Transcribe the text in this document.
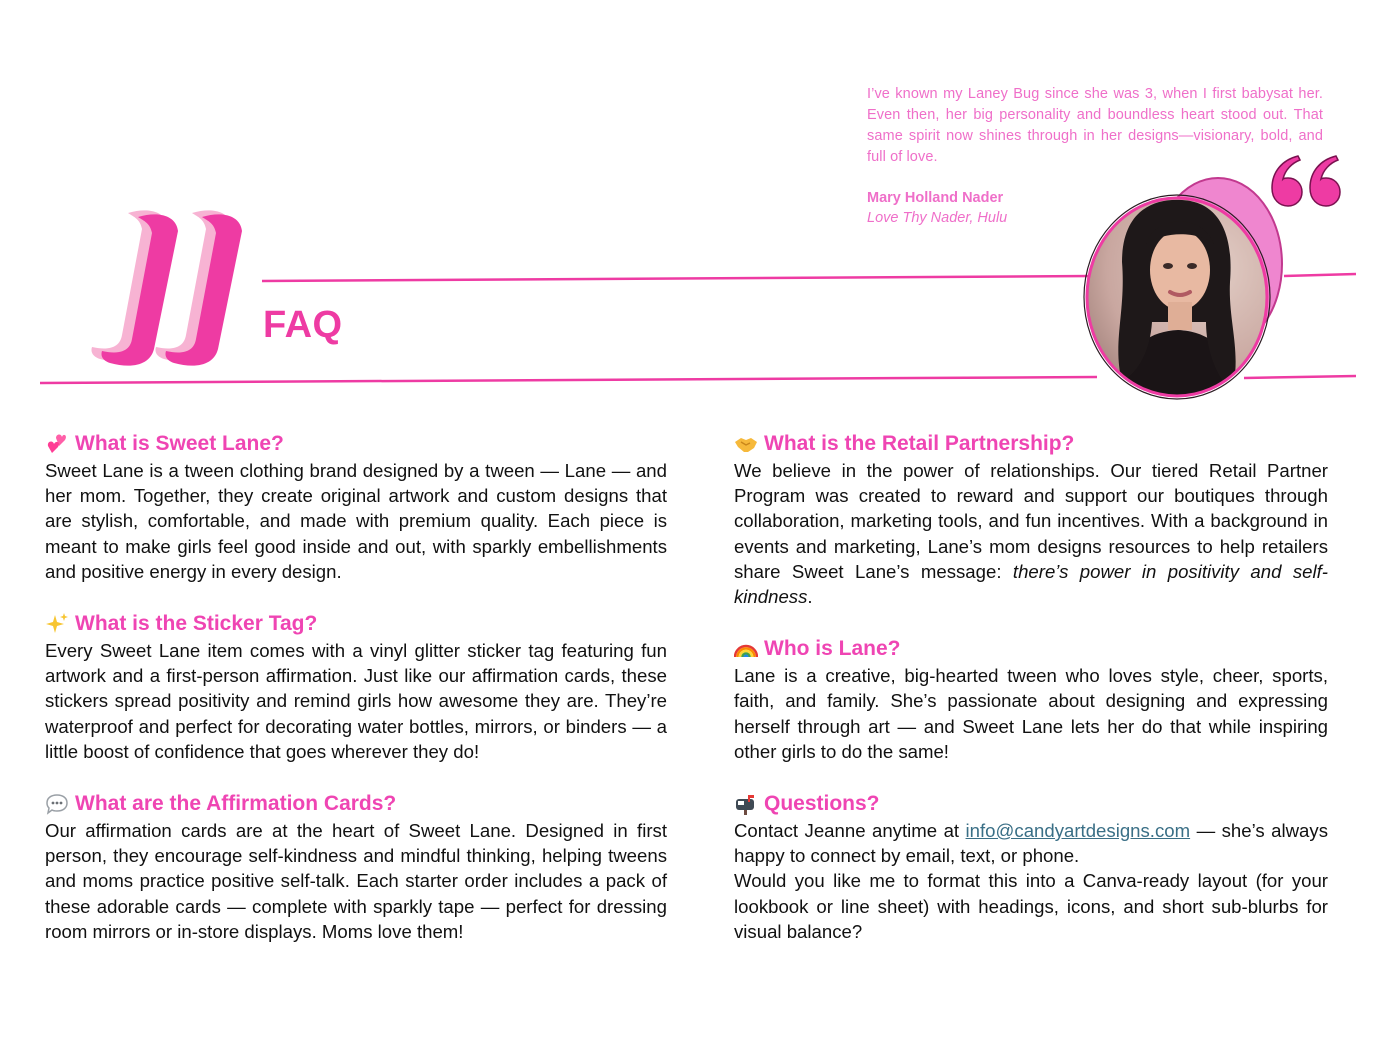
I’ve known my Laney Bug since she was 3, when I first babysat her. Even then, her big personality and boundless heart stood out. That same spirit now shines through in her designs—visionary, bold, and full of love.
Mary Holland Nader
Love Thy Nader, Hulu
FAQ
What is Sweet Lane?
Sweet Lane is a tween clothing brand designed by a tween — Lane — and her mom. Together, they create original artwork and custom designs that are stylish, comfortable, and made with premium quality. Each piece is meant to make girls feel good inside and out, with sparkly embellishments and positive energy in every design.
What is the Sticker Tag?
Every Sweet Lane item comes with a vinyl glitter sticker tag featuring fun artwork and a first-person affirmation. Just like our affirmation cards, these stickers spread positivity and remind girls how awesome they are. They’re waterproof and perfect for decorating water bottles, mirrors, or binders — a little boost of confidence that goes wherever they do!
What are the Affirmation Cards?
Our affirmation cards are at the heart of Sweet Lane. Designed in first person, they encourage self-kindness and mindful thinking, helping tweens and moms practice positive self-talk. Each starter order includes a pack of these adorable cards — complete with sparkly tape — perfect for dressing room mirrors or in-store displays. Moms love them!
What is the Retail Partnership?
We believe in the power of relationships. Our tiered Retail Partner Program was created to reward and support our boutiques through collaboration, marketing tools, and fun incentives. With a background in events and marketing, Lane’s mom designs resources to help retailers share Sweet Lane’s message: there’s power in positivity and self-kindness.
Who is Lane?
Lane is a creative, big-hearted tween who loves style, cheer, sports, faith, and family. She’s passionate about designing and expressing herself through art — and Sweet Lane lets her do that while inspiring other girls to do the same!
Questions?
Contact Jeanne anytime at info@candyartdesigns.com — she’s always happy to connect by email, text, or phone.
Would you like me to format this into a Canva-ready layout (for your lookbook or line sheet) with headings, icons, and short sub-blurbs for visual balance?
